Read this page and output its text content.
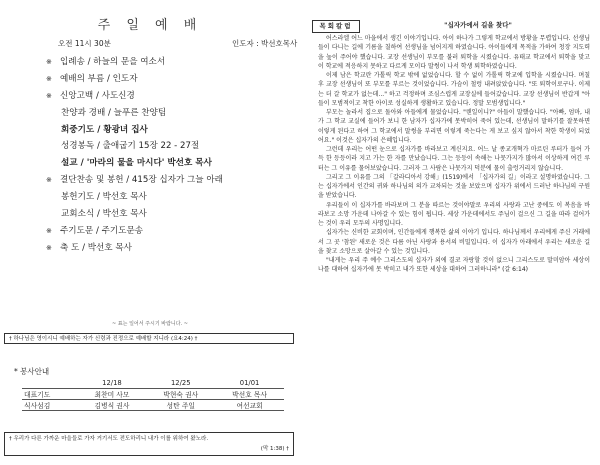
주 일 예 배
오전 11시 30분	인도자 : 박선호목사
※ 입례송 / 하늘의 문을 여소서
※ 예배의 부름 / 인도자
※ 신앙고백 / 사도신경
찬양과 경배 / 늘푸른 찬양팀
회중기도 / 황광녀 집사
성경봉독 / 출애굽기 15장 22 - 27절
설교 / '마라의 물을 마시다' 박선호 목사
※ 결단찬송 및 봉헌 / 415장 십자가 그늘 아래
봉헌기도 / 박선호 목사
교회소식 / 박선호 목사
※ 주기도문 / 주기도문송
※ 축 도 / 박선호 목사
~ 표는 일어서 주시기 바랍니다. ~
† 하나님은 영이시니 예배하는 자가 신령과 진정으로 예배할 지니라 (요4:24) †
* 봉사안내
	12/18	12/25	01/01
대표기도	최찬미 사모	박현숙 권사	박선호 목사
식사섬김	김병식 권사	성탄 주일	여선교회
† 우리가 다른 가까운 마을들로 가자 거기서도 전도하리니 내가 이를 위하여 왔노라.
(막 1:38) †
목회칼럼	"십자가에서 길을 찾다"

어스라엘 어느 마을에서 생긴 이야기입니다. 아이 하나가 그렇게 학교에서 방황을 무렵입니다. 선생님들이 다니는 길에 기름을 칠하여 선생님을 넘어지게 하였습니다. 아이들에게 목적을 가하여 청장 지도력을 높이 주어야 했습니다. 교장 선생님이 부모를 불러 퇴학을 시켰습니다. 유태교 학교에서 퇴학을 맞고 이 학교에 적응하지 못하고 다르게 모이다 말썽이 나서 학생 퇴학하였습니다.

이제 남은 학교란 가톨릭 학교 밖에 없었습니다. 할 수 없이 가톨릭 학교에 입학을 시켰습니다. 며칠 후 교장 선생님이 또 부모를 부르는 것이었습니다. 가슴이 철렁 내려앉았습니다. "또 퇴학이로구나. 이제는 더 갈 학교가 없는데..." 하고 걱정하며 조심스럽게 교장실에 들어갔습니다. 교장 선생님이 반갑게 "아들이 모범적이고 착한 아이로 성실하게 생활하고 있습니다. 정말 모범생입니다."

부모는 놀라서 집으로 돌아와 아들에게 물었습니다. "웬일이니?" 아들이 말했습니다. "아빠, 엄마, 내가 그 학교 교실에 들어가 보니 한 남자가 십자가에 못박히어 죽어 있는데, 선생님이 말하기를 잘못하면 이렇게 된다고 하여 그 학교에서 말썽을 부리면 이렇게 죽는다는 게 보고 싶지 않아서 착한 학생이 되었어요." 이것은 십자가의 은혜입니다.

그런데 우리는 어떤 눈으로 십자가를 바라보고 계신지요. 어느 날 종교개혁가 마르틴 루터가 들어 가득 한 등등이라 지고 가는 한 자를 만났습니다. 그는 등등이 속해는 나뭇가지가 많아서 이상하게 여긴 루터는 그 이유를 물어보았습니다. 그러자 그 사람은 나뭇가지 덕분에 물이 출렁거리지 않습니다.

그리고 그 이유를 그의 「갈라디아서 강해」(1519)에서 「십자가의 길」이라고 설명하였습니다. 그는 십자가에서 인간의 귀와 하나님의 의가 교차되는 것을 보았으며 십자가 위에서 드러난 하나님의 구원을 받았습니다.

우리들이 이 십자가를 바라보며 그 분을 따르는 것이야말로 우리의 사랑과 고난 중에도 이 복음을 바라보고 소망 가운데 나아갈 수 있는 힘이 됩니다. 세상 가운데에서도 주님이 걸으신 그 길을 따라 걸어가는 것이 우리 모두의 사명입니다.

십자가는 신비한 교회이며, 인간들에게 행복한 삶의 이야기 입니다. 하나님께서 우리에게 주신 거래에서 그 곳 '참된' 새로운 것은 다름 아닌 사랑과 용서의 비밀입니다. 이 십자가 아래에서 우리는 새로운 길을 찾고 소망으로 살아갈 수 있는 것입니다.

"내게는 우리 주 예수 그리스도의 십자가 외에 결코 자랑할 것이 없으니 그리스도로 말미암아 세상이 나를 대하여 십자가에 못 박히고 내가 또한 세상을 대하여 그러하니라" (갈 6:14)
